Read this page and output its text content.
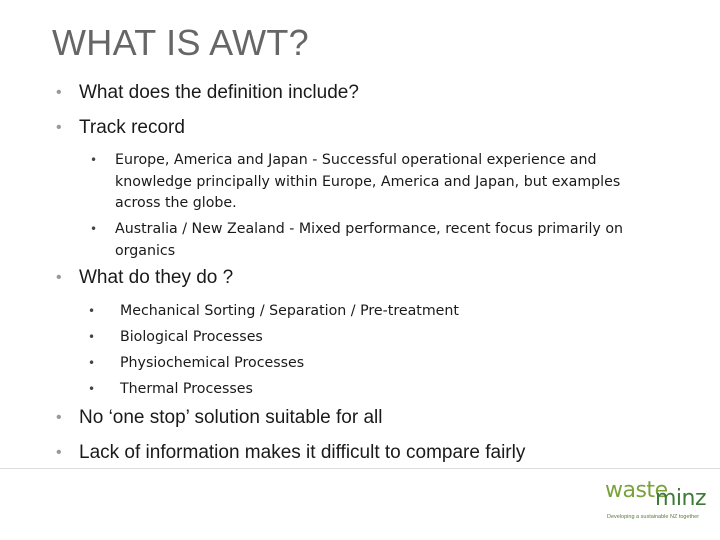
WHAT IS AWT?
• What does the definition include?
• Track record
• Europe, America and Japan - Successful operational experience and
knowledge principally within Europe, America and Japan, but examples
across the globe.
• Australia / New Zealand - Mixed performance, recent focus primarily on
organics
• What do they do ?
• Mechanical Sorting / Separation / Pre-treatment
• Biological Processes
• Physiochemical Processes
• Thermal Processes
• No ‘one stop’ solution suitable for all
• Lack of information makes it difficult to compare fairly
waste
minz
Developing a sustainable NZ together
